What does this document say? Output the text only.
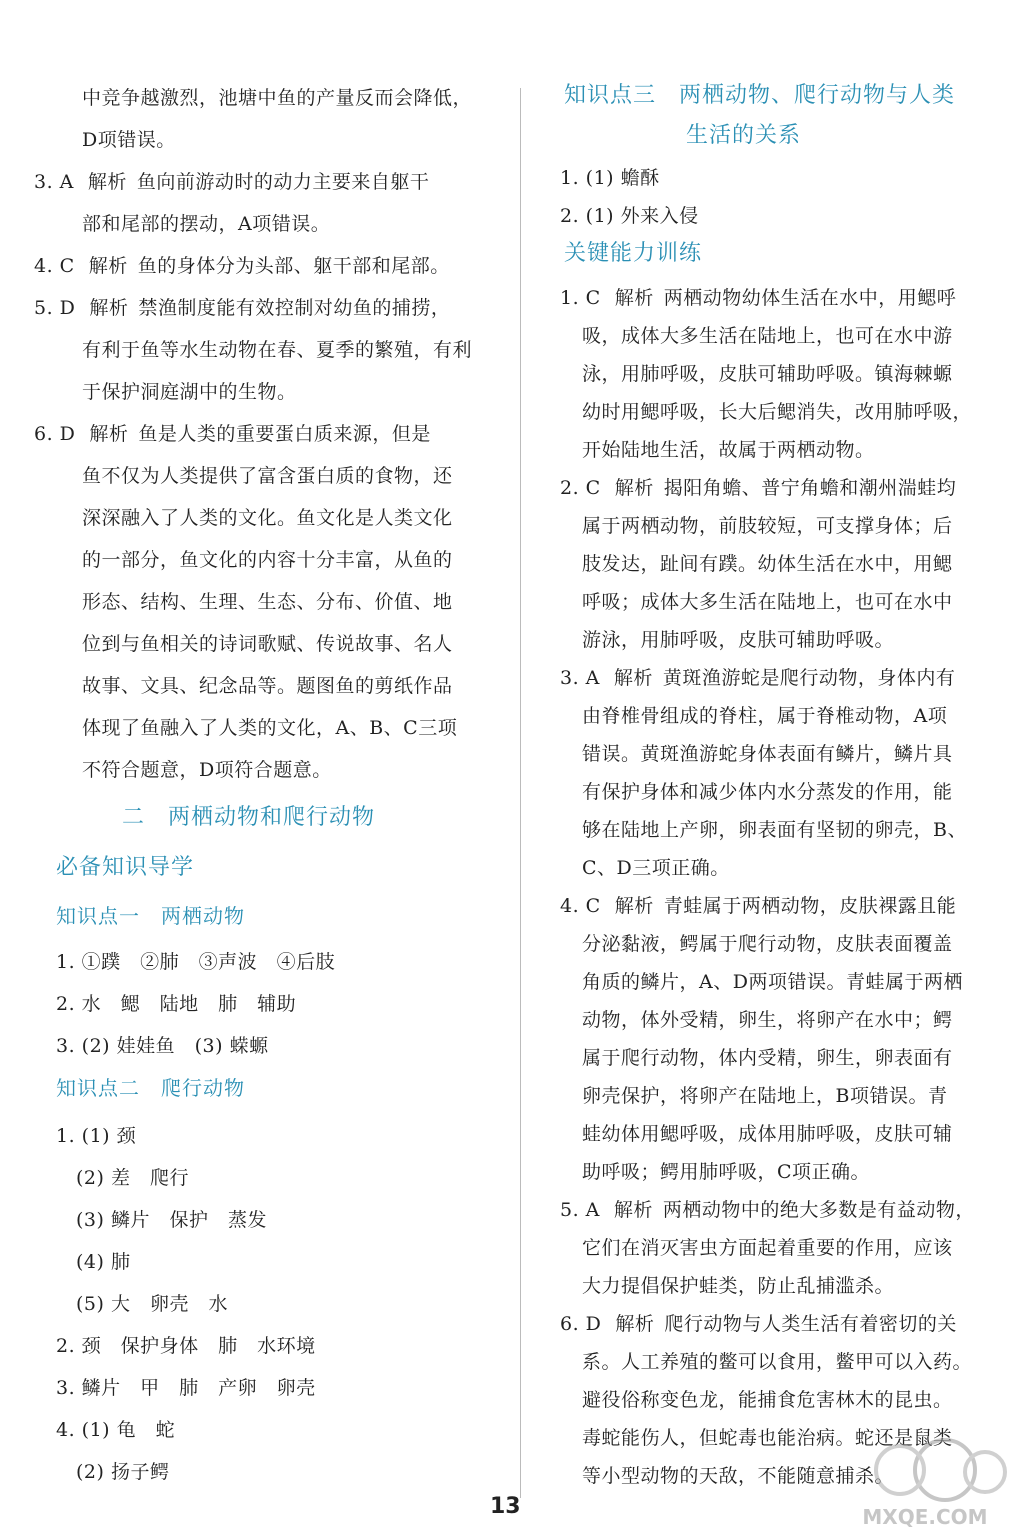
中竞争越激烈，池塘中鱼的产量反而会降低，
D项错误。
3. A 解析 鱼向前游动时的动力主要来自躯干
部和尾部的摆动，A项错误。
4. C 解析 鱼的身体分为头部、躯干部和尾部。
5. D 解析 禁渔制度能有效控制对幼鱼的捕捞，
有利于鱼等水生动物在春、夏季的繁殖，有利
于保护洞庭湖中的生物。
6. D 解析 鱼是人类的重要蛋白质来源，但是
鱼不仅为人类提供了富含蛋白质的食物，还
深深融入了人类的文化。鱼文化是人类文化
的一部分，鱼文化的内容十分丰富，从鱼的
形态、结构、生理、生态、分布、价值、地
位到与鱼相关的诗词歌赋、传说故事、名人
故事、文具、纪念品等。题图鱼的剪纸作品
体现了鱼融入了人类的文化，A、B、C三项
不符合题意，D项符合题意。
二　两栖动物和爬行动物
必备知识导学
知识点一　两栖动物
1. ①蹼　②肺　③声波　④后肢
2. 水　鳃　陆地　肺　辅助
3. (2) 娃娃鱼　(3) 蝾螈
知识点二　爬行动物
1. (1) 颈
(2) 差　爬行
(3) 鳞片　保护　蒸发
(4) 肺
(5) 大　卵壳　水
2. 颈　保护身体　肺　水环境
3. 鳞片　甲　肺　产卵　卵壳
4. (1) 龟　蛇
(2) 扬子鳄
知识点三　两栖动物、爬行动物与人类
生活的关系
1. (1) 蟾酥
2. (1) 外来入侵
关键能力训练
1. C 解析 两栖动物幼体生活在水中，用鳃呼
吸，成体大多生活在陆地上，也可在水中游
泳，用肺呼吸，皮肤可辅助呼吸。镇海棘螈
幼时用鳃呼吸，长大后鳃消失，改用肺呼吸，
开始陆地生活，故属于两栖动物。
2. C 解析 揭阳角蟾、普宁角蟾和潮州湍蛙均
属于两栖动物，前肢较短，可支撑身体；后
肢发达，趾间有蹼。幼体生活在水中，用鳃
呼吸；成体大多生活在陆地上，也可在水中
游泳，用肺呼吸，皮肤可辅助呼吸。
3. A 解析 黄斑渔游蛇是爬行动物，身体内有
由脊椎骨组成的脊柱，属于脊椎动物，A项
错误。黄斑渔游蛇身体表面有鳞片，鳞片具
有保护身体和减少体内水分蒸发的作用，能
够在陆地上产卵，卵表面有坚韧的卵壳，B、
C、D三项正确。
4. C 解析 青蛙属于两栖动物，皮肤裸露且能
分泌黏液，鳄属于爬行动物，皮肤表面覆盖
角质的鳞片，A、D两项错误。青蛙属于两栖
动物，体外受精，卵生，将卵产在水中；鳄
属于爬行动物，体内受精，卵生，卵表面有
卵壳保护，将卵产在陆地上，B项错误。青
蛙幼体用鳃呼吸，成体用肺呼吸，皮肤可辅
助呼吸；鳄用肺呼吸，C项正确。
5. A 解析 两栖动物中的绝大多数是有益动物，
它们在消灭害虫方面起着重要的作用，应该
大力提倡保护蛙类，防止乱捕滥杀。
6. D 解析 爬行动物与人类生活有着密切的关
系。人工养殖的鳖可以食用，鳖甲可以入药。
避役俗称变色龙，能捕食危害林木的昆虫。
毒蛇能伤人，但蛇毒也能治病。蛇还是鼠类
等小型动物的天敌，不能随意捕杀。
13	MXQE.COM
